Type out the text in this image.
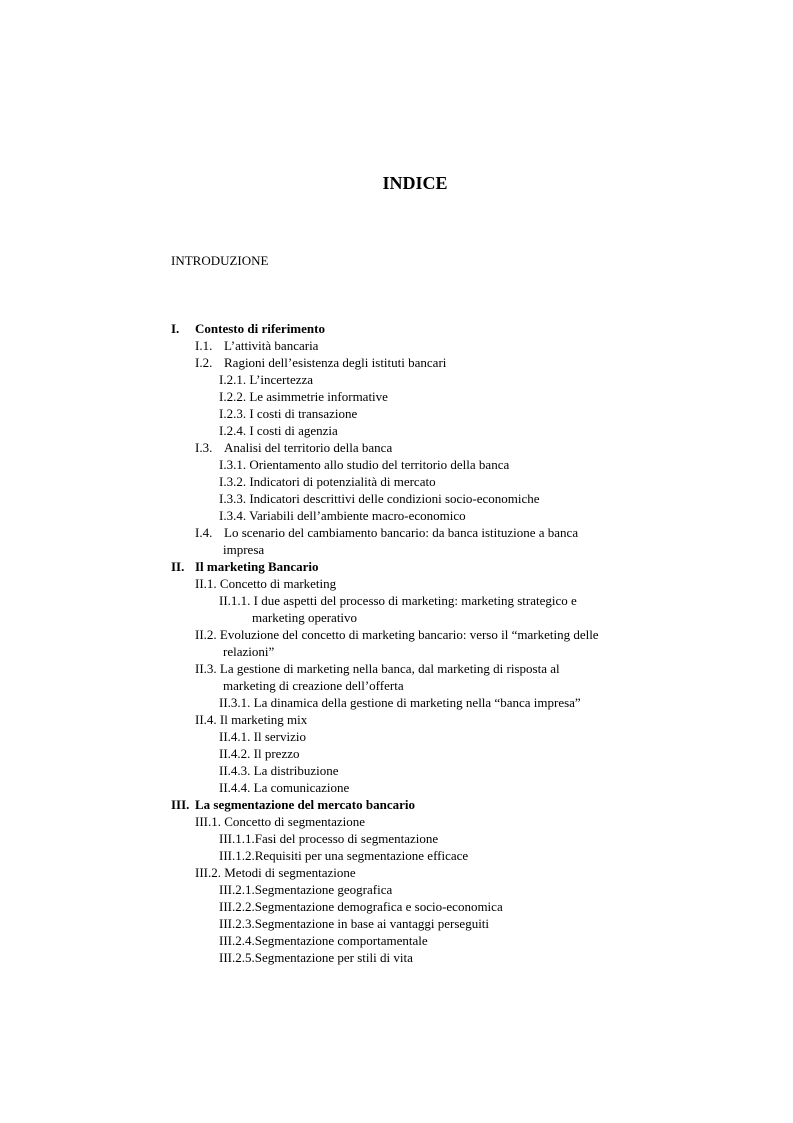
INDICE
INTRODUZIONE
I. Contesto di riferimento
I.1. L’attività bancaria
I.2. Ragioni dell’esistenza degli istituti bancari
I.2.1. L’incertezza
I.2.2. Le asimmetrie informative
I.2.3. I costi di transazione
I.2.4. I costi di agenzia
I.3. Analisi del territorio della banca
I.3.1. Orientamento allo studio del territorio della banca
I.3.2. Indicatori di potenzialità di mercato
I.3.3. Indicatori descrittivi delle condizioni socio-economiche
I.3.4. Variabili dell’ambiente macro-economico
I.4. Lo scenario del cambiamento bancario: da banca istituzione a banca
impresa
II. Il marketing Bancario
II.1. Concetto di marketing
II.1.1. I due aspetti del processo di marketing: marketing strategico e
marketing operativo
II.2. Evoluzione del concetto di marketing bancario: verso il “marketing delle
relazioni”
II.3. La gestione di marketing nella banca, dal marketing di risposta al
marketing di creazione dell’offerta
II.3.1. La dinamica della gestione di marketing nella “banca impresa”
II.4. Il marketing mix
II.4.1. Il servizio
II.4.2. Il prezzo
II.4.3. La distribuzione
II.4.4. La comunicazione
III. La segmentazione del mercato bancario
III.1. Concetto di segmentazione
III.1.1.Fasi del processo di segmentazione
III.1.2.Requisiti per una segmentazione efficace
III.2. Metodi di segmentazione
III.2.1.Segmentazione geografica
III.2.2.Segmentazione demografica e socio-economica
III.2.3.Segmentazione in base ai vantaggi perseguiti
III.2.4.Segmentazione comportamentale
III.2.5.Segmentazione per stili di vita
